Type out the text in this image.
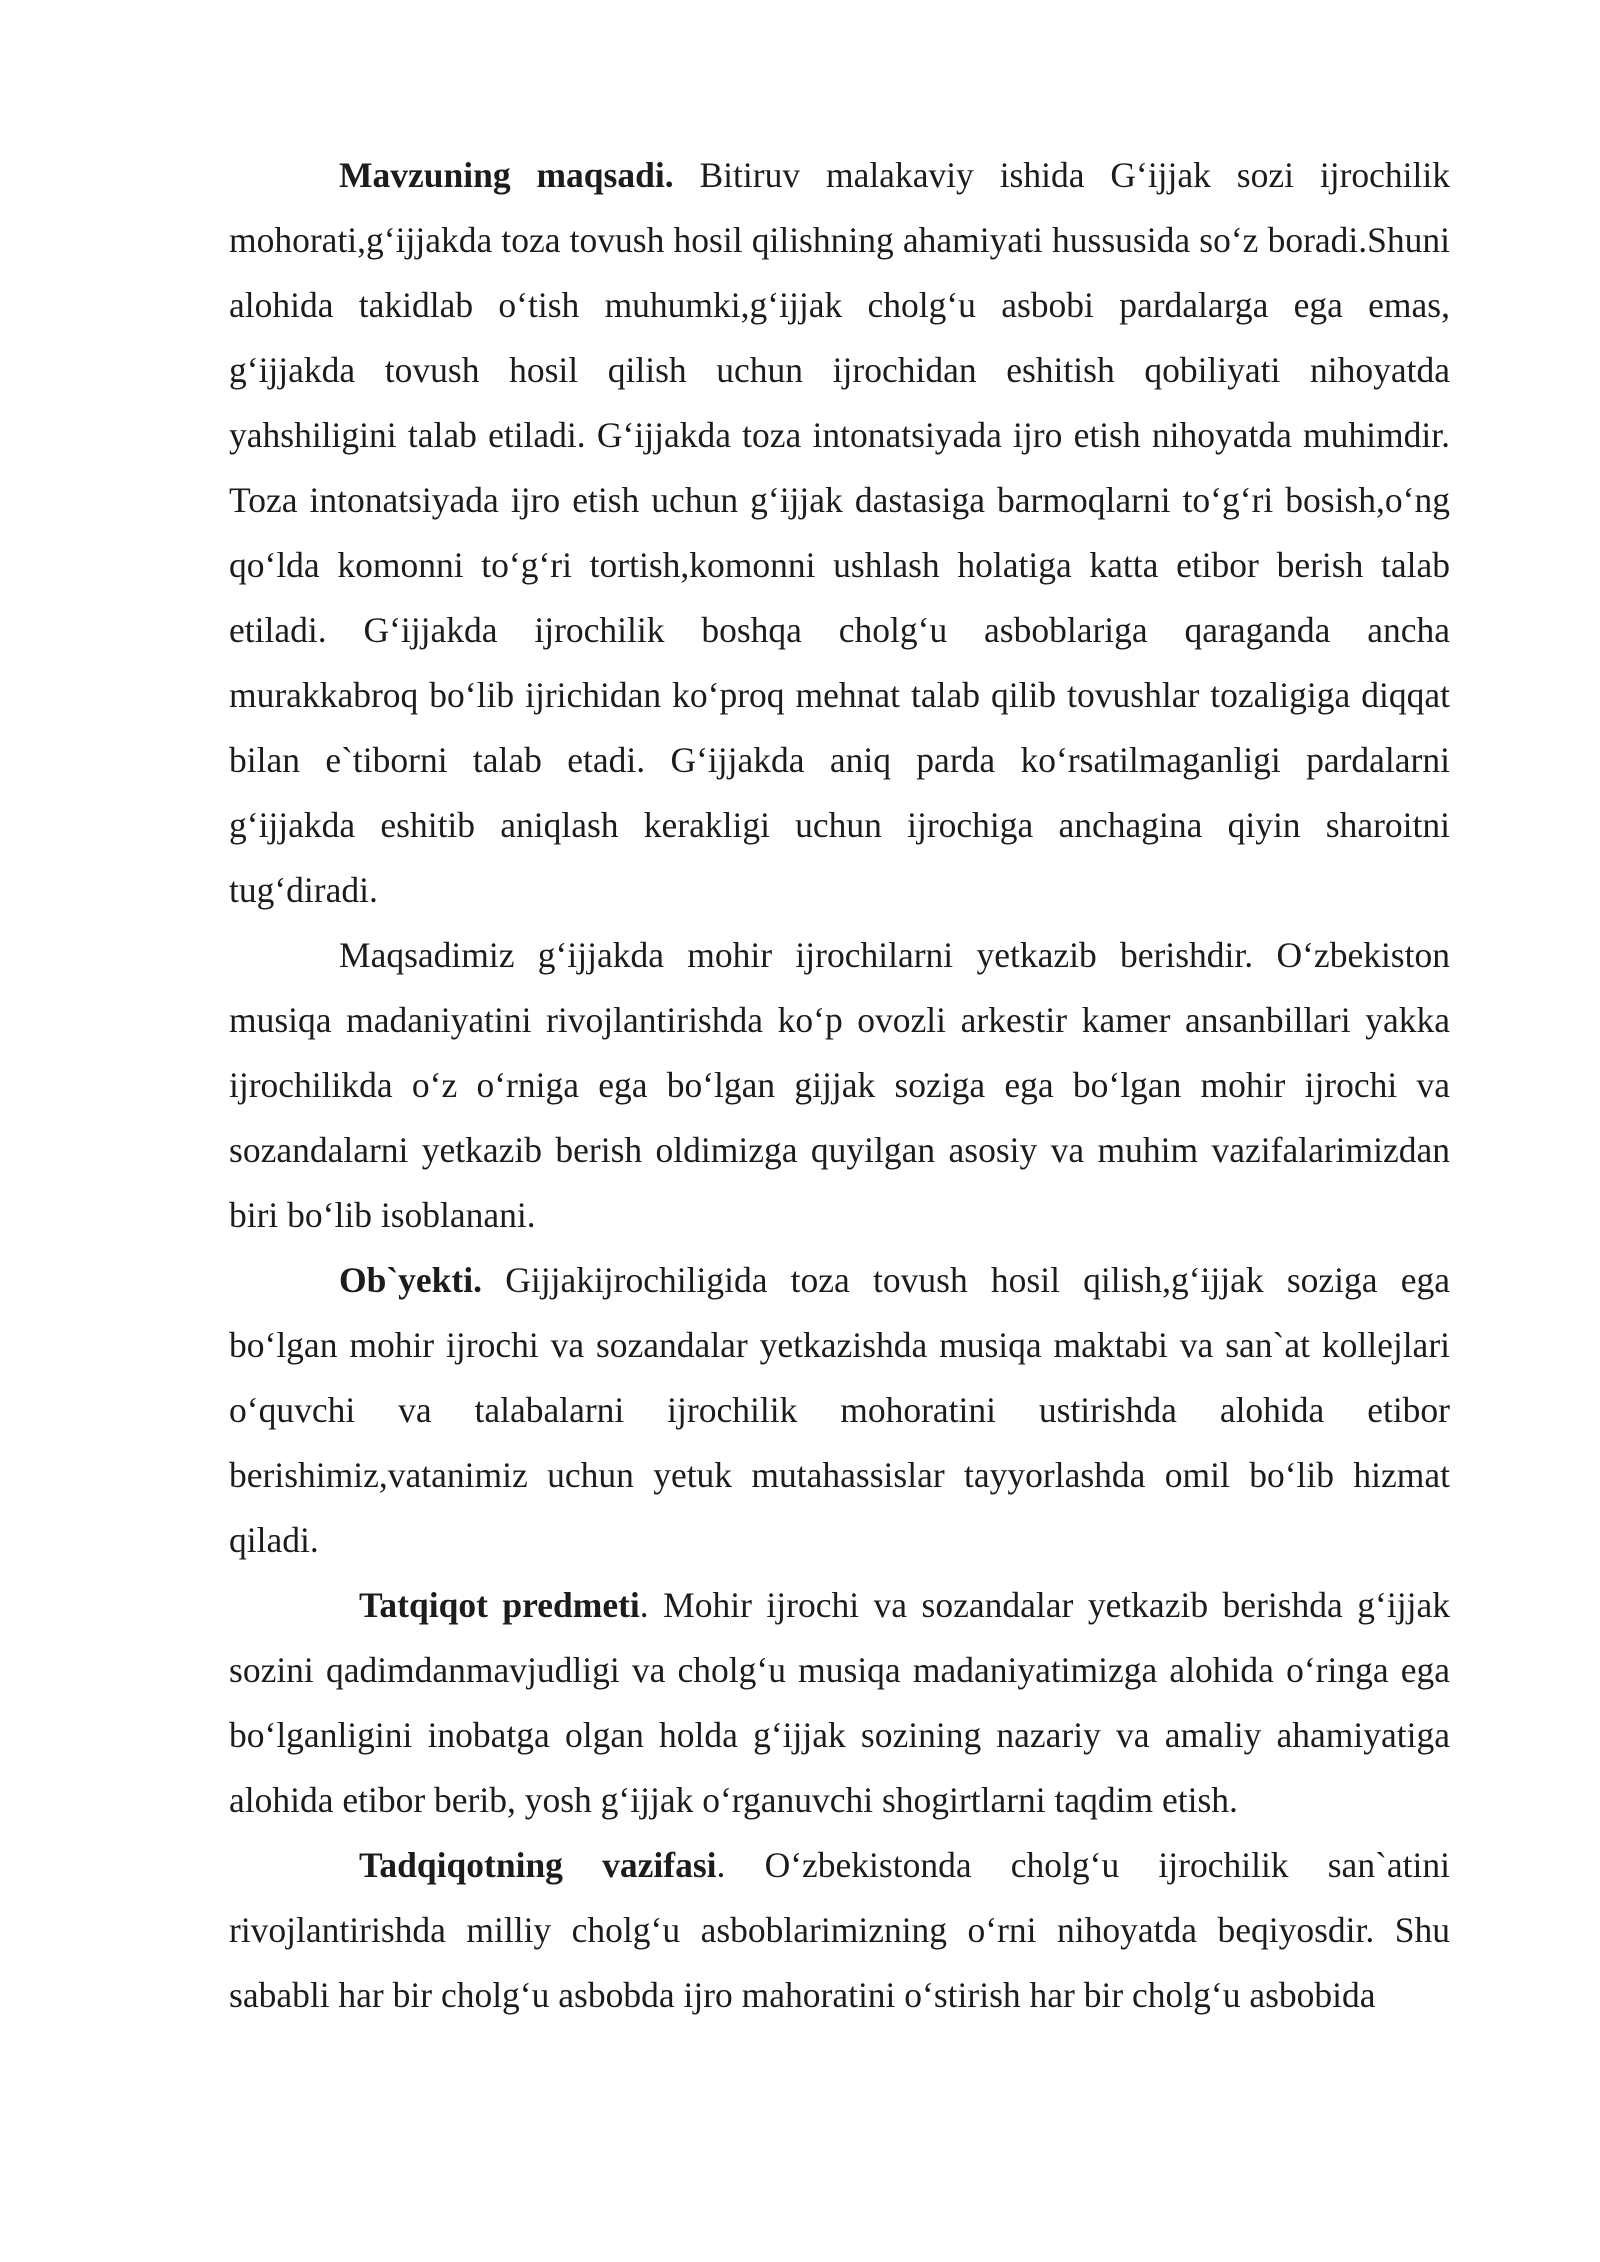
Mavzuning maqsadi. Bitiruv malakaviy ishida G‘ijjak sozi ijrochilik mohorati,g‘ijjakda toza tovush hosil qilishning ahamiyati hussusida so‘z boradi.Shuni alohida takidlab o‘tish muhumki,g‘ijjak cholg‘u asbobi pardalarga ega emas, g‘ijjakda tovush hosil qilish uchun ijrochidan eshitish qobiliyati nihoyatda yahshiligini talab etiladi. G‘ijjakda toza intonatsiyada ijro etish nihoyatda muhimdir. Toza intonatsiyada ijro etish uchun g‘ijjak dastasiga barmoqlarni to‘g‘ri bosish,o‘ng qo‘lda komonni to‘g‘ri tortish,komonni ushlash holatiga katta etibor berish talab etiladi. G‘ijjakda ijrochilik boshqa cholg‘u asboblariga qaraganda ancha murakkabroq bo‘lib ijrichidan ko‘proq mehnat talab qilib tovushlar tozaligiga diqqat bilan e`tiborni talab etadi. G‘ijjakda aniq parda ko‘rsatilmaganligi pardalarni g‘ijjakda eshitib aniqlash kerakligi uchun ijrochiga anchagina qiyin sharoitni tug‘diradi.

Maqsadimiz g‘ijjakda mohir ijrochilarni yetkazib berishdir. O‘zbekiston musiqa madaniyatini rivojlantirishda ko‘p ovozli arkestir kamer ansanbillari yakka ijrochilikda o‘z o‘rniga ega bo‘lgan gijjak soziga ega bo‘lgan mohir ijrochi va sozandalarni yetkazib berish oldimizga quyilgan asosiy va muhim vazifalarimizdan biri bo‘lib isoblanani.

Ob`yekti. Gijjakijrochiligida toza tovush hosil qilish,g‘ijjak soziga ega bo‘lgan mohir ijrochi va sozandalar yetkazishda musiqa maktabi va san`at kollejlari o‘quvchi va talabalarni ijrochilik mohoratini ustirishda alohida etibor berishimiz,vatanimiz uchun yetuk mutahassislar tayyorlashda omil bo‘lib hizmat qiladi.

Tatqiqot predmeti. Mohir ijrochi va sozandalar yetkazib berishda g‘ijjak sozini qadimdanmavjudligi va cholg‘u musiqa madaniyatimizga alohida o‘ringa ega bo‘lganligini inobatga olgan holda g‘ijjak sozining nazariy va amaliy ahamiyatiga alohida etibor berib, yosh g‘ijjak o‘rganuvchi shogirtlarni taqdim etish.

Tadqiqotning vazifasi. O‘zbekistonda cholg‘u ijrochilik san`atini rivojlantirishda milliy cholg‘u asboblarimizning o‘rni nihoyatda beqiyosdir. Shu sababli har bir cholg‘u asbobda ijro mahoratini o‘stirish har bir cholg‘u asbobida
